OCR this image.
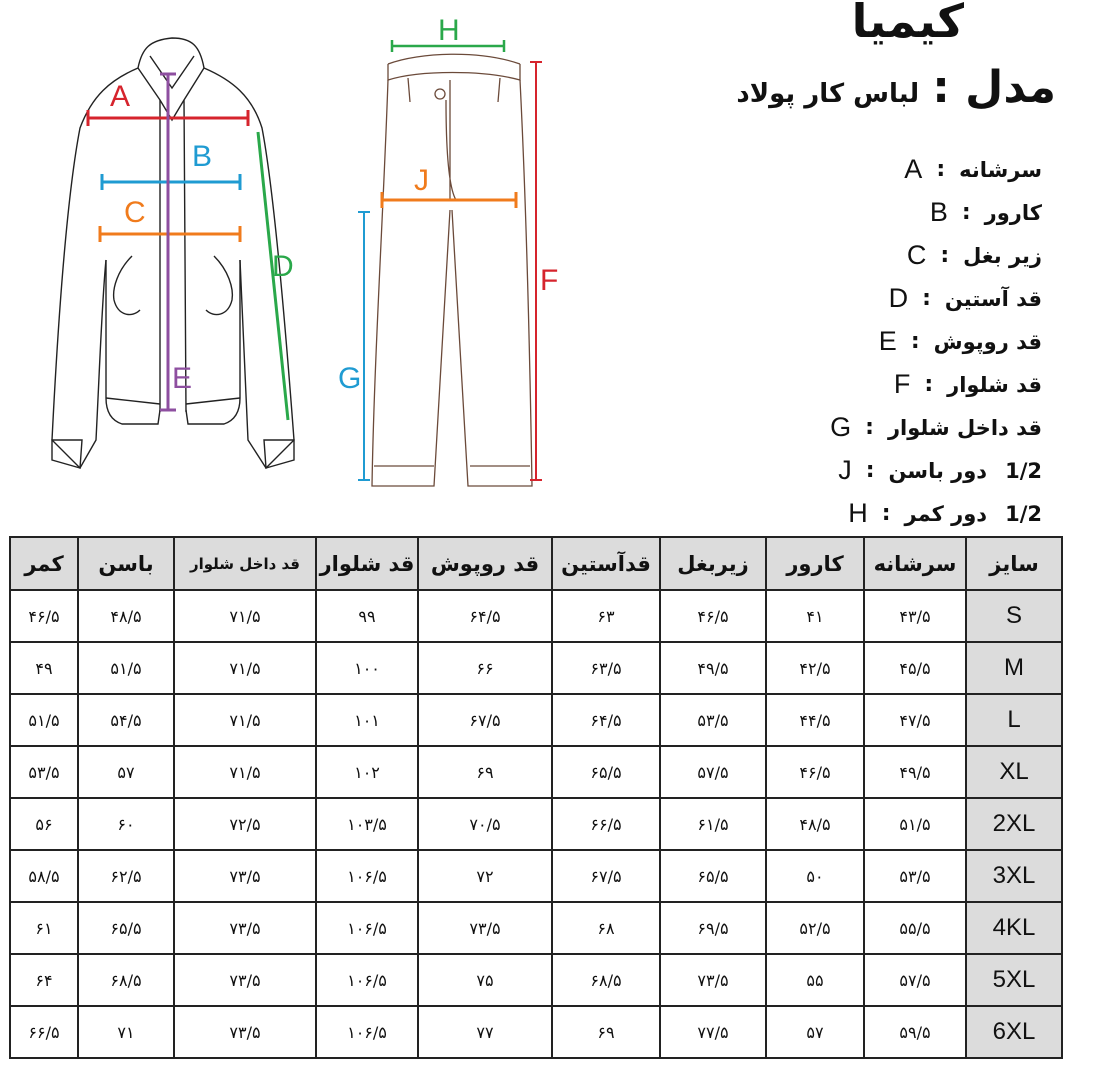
کیمیا
مدل : لباس کار پولاد
سرشانه
:
A
کارور
:
B
زیر بغل
:
C
قد آستین
:
D
قد روپوش
:
E
قد شلوار
:
F
قد داخل شلوار
:
G
1/2
دور باسن
:
J
1/2
دور کمر
:
H
A
B
C
D
E
H
J
F
G
سایز	سرشانه	کارور	زیربغل	قدآستین	قد روپوش	قد شلوار	قد داخل شلوار	باسن	کمر
S	۴۳/۵	۴۱	۴۶/۵	۶۳	۶۴/۵	۹۹	۷۱/۵	۴۸/۵	۴۶/۵
M	۴۵/۵	۴۲/۵	۴۹/۵	۶۳/۵	۶۶	۱۰۰	۷۱/۵	۵۱/۵	۴۹
L	۴۷/۵	۴۴/۵	۵۳/۵	۶۴/۵	۶۷/۵	۱۰۱	۷۱/۵	۵۴/۵	۵۱/۵
XL	۴۹/۵	۴۶/۵	۵۷/۵	۶۵/۵	۶۹	۱۰۲	۷۱/۵	۵۷	۵۳/۵
2XL	۵۱/۵	۴۸/۵	۶۱/۵	۶۶/۵	۷۰/۵	۱۰۳/۵	۷۲/۵	۶۰	۵۶
3XL	۵۳/۵	۵۰	۶۵/۵	۶۷/۵	۷۲	۱۰۶/۵	۷۳/۵	۶۲/۵	۵۸/۵
4KL	۵۵/۵	۵۲/۵	۶۹/۵	۶۸	۷۳/۵	۱۰۶/۵	۷۳/۵	۶۵/۵	۶۱
5XL	۵۷/۵	۵۵	۷۳/۵	۶۸/۵	۷۵	۱۰۶/۵	۷۳/۵	۶۸/۵	۶۴
6XL	۵۹/۵	۵۷	۷۷/۵	۶۹	۷۷	۱۰۶/۵	۷۳/۵	۷۱	۶۶/۵
